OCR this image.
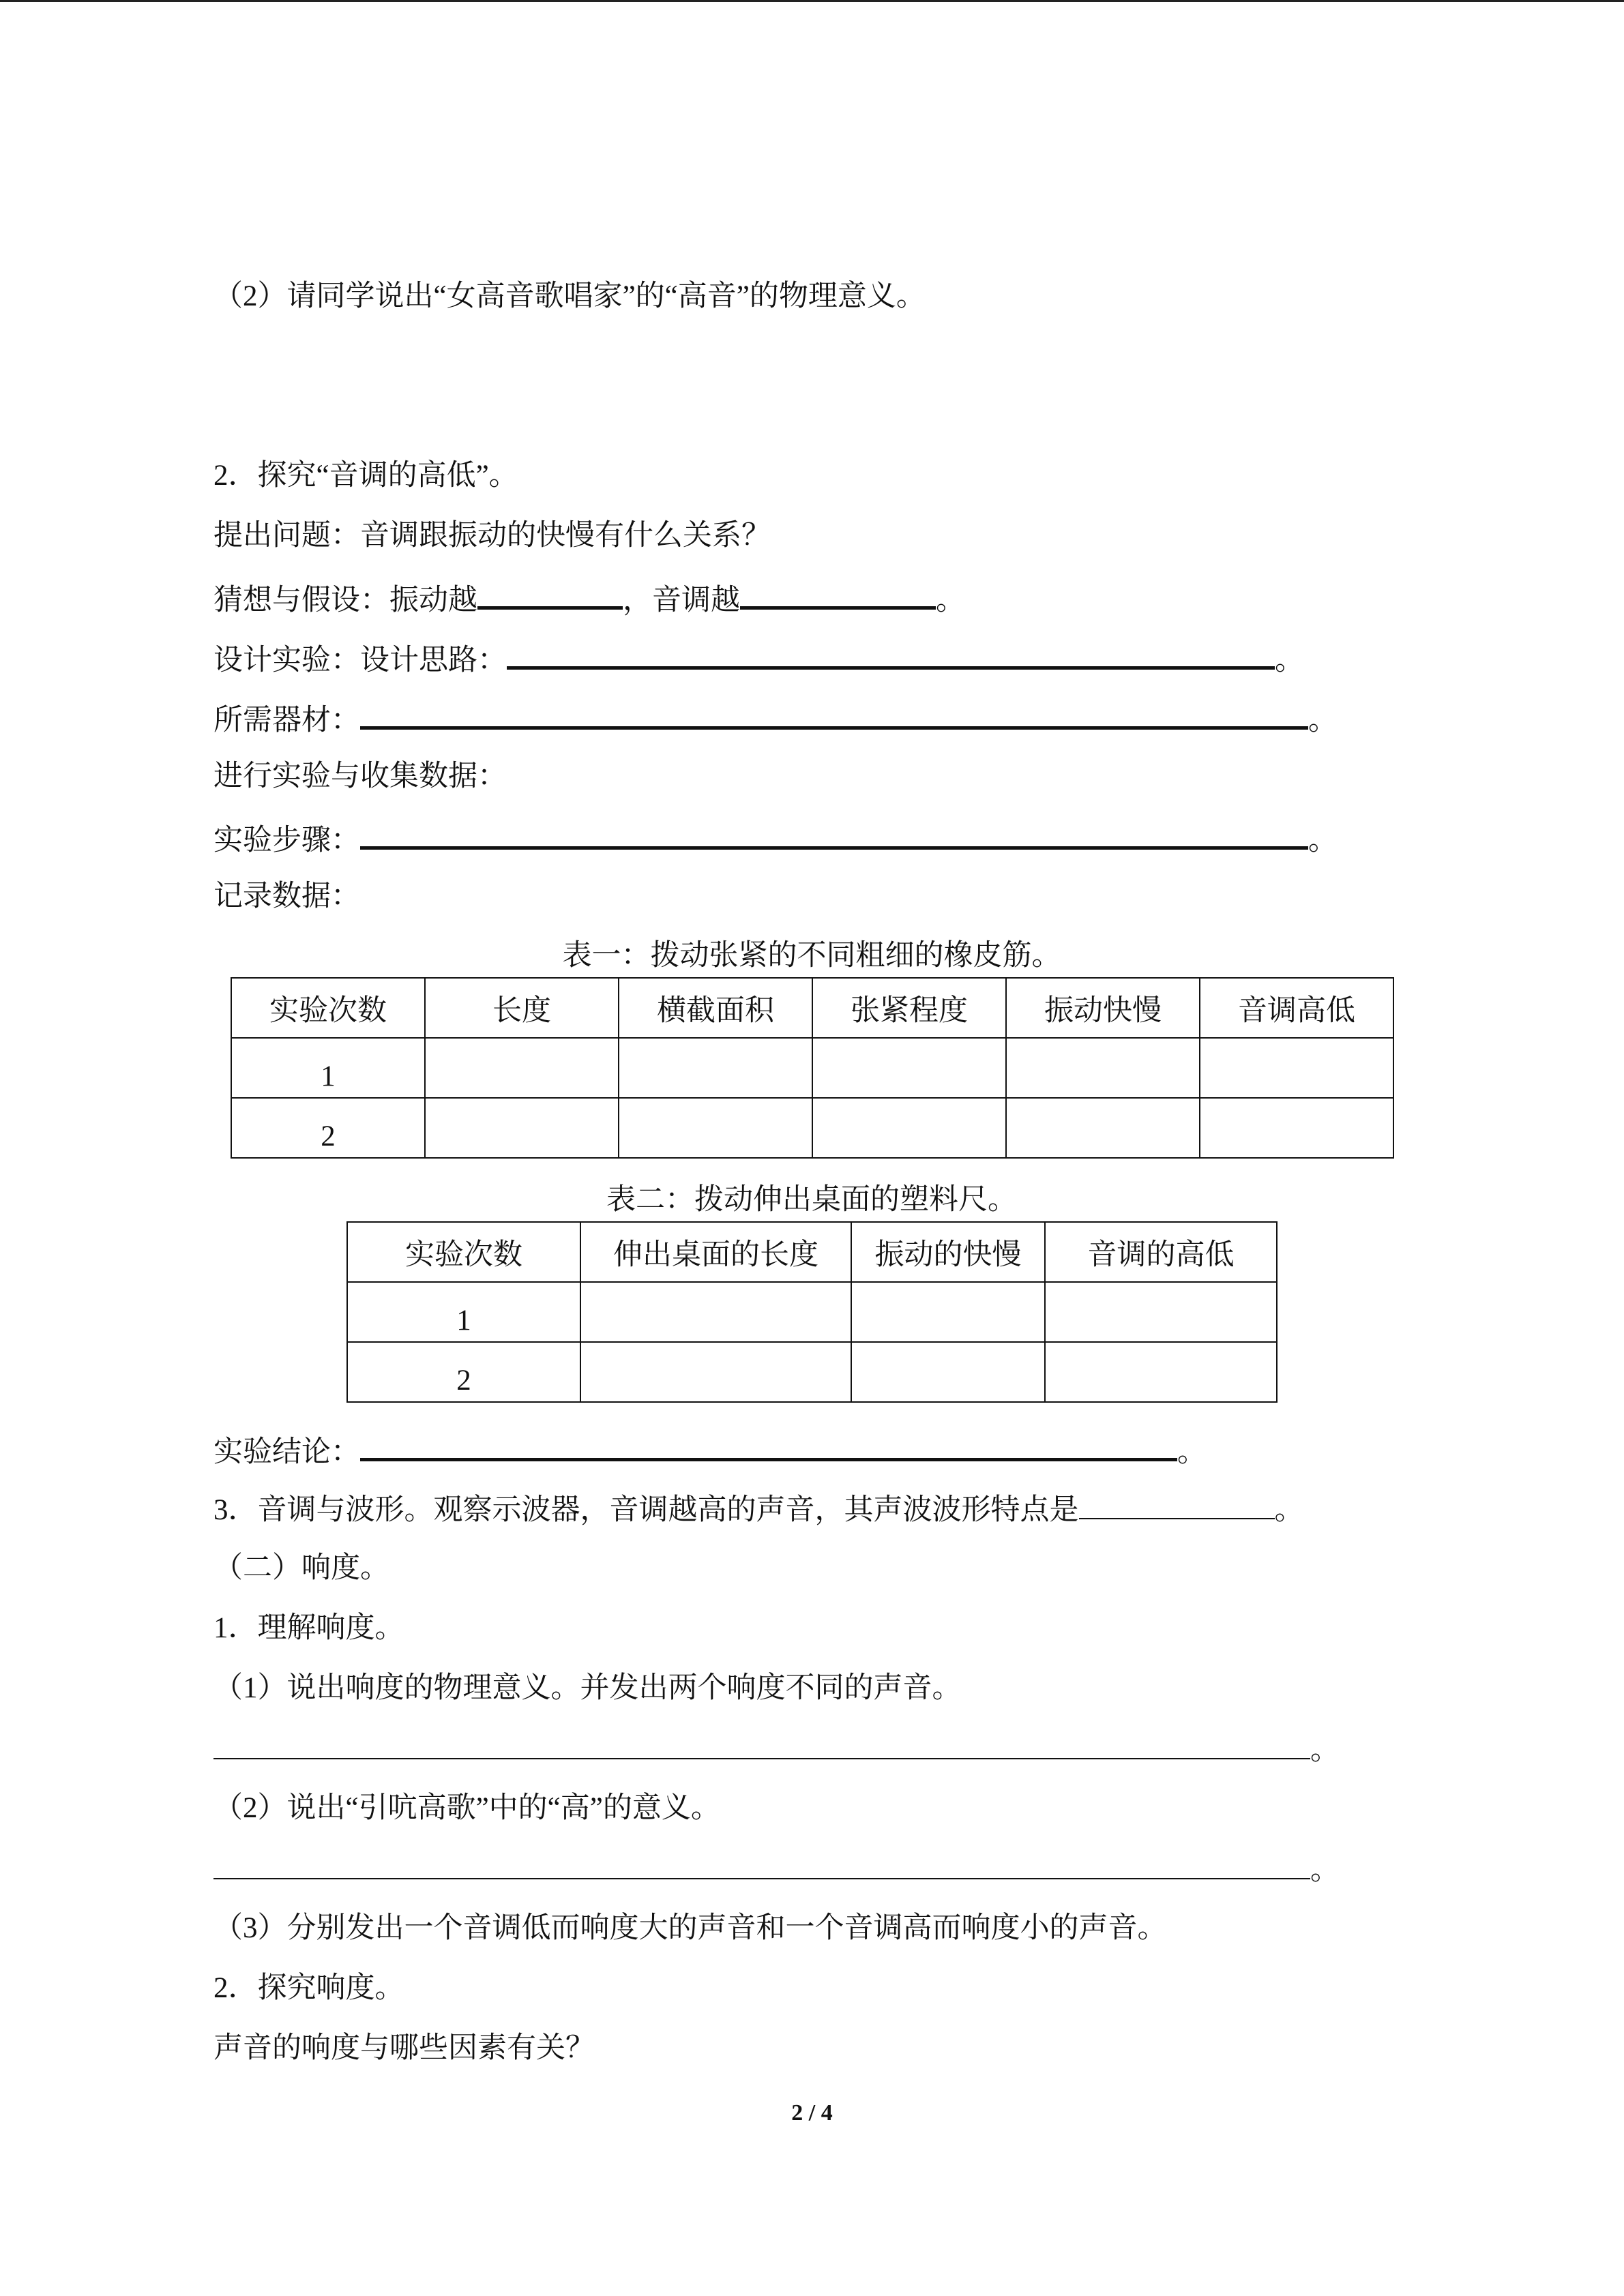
（2）请同学说出“女高音歌唱家”的“高音”的物理意义。
2．探究“音调的高低”。
提出问题：音调跟振动的快慢有什么关系？
猜想与假设：振动越	，音调越	。
设计实验：设计思路：	。
所需器材：	。
进行实验与收集数据：
实验步骤：	。
记录数据：
表一：拨动张紧的不同粗细的橡皮筋。
实验次数	长度	横截面积	张紧程度	振动快慢	音调高低
1					
2					
表二：拨动伸出桌面的塑料尺。
实验次数	伸出桌面的长度	振动的快慢	音调的高低
1			
2			
实验结论：	。
3．音调与波形。观察示波器，音调越高的声音，其声波波形特点是	。
（二）响度。
1．理解响度。
（1）说出响度的物理意义。并发出两个响度不同的声音。
。
（2）说出“引吭高歌”中的“高”的意义。
。
（3）分别发出一个音调低而响度大的声音和一个音调高而响度小的声音。
2．探究响度。
声音的响度与哪些因素有关？
2 / 4
